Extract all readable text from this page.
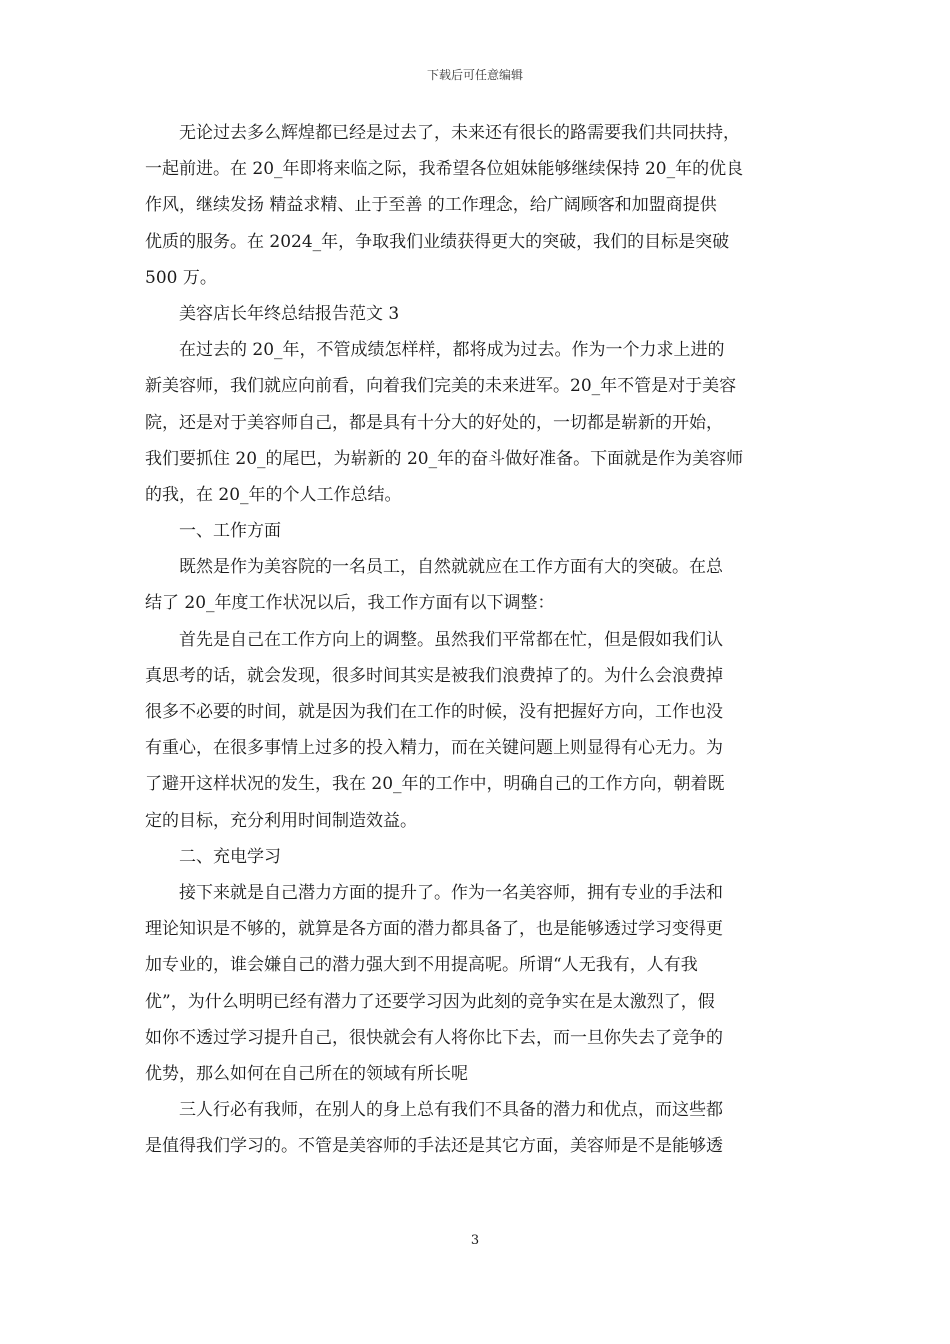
下载后可任意编辑
无论过去多么辉煌都已经是过去了，未来还有很长的路需要我们共同扶持，
一起前进。在 20_年即将来临之际，我希望各位姐妹能够继续保持 20_年的优良
作风，继续发扬 精益求精、止于至善 的工作理念，给广阔顾客和加盟商提供
优质的服务。在 2024_年，争取我们业绩获得更大的突破，我们的目标是突破
500 万。
美容店长年终总结报告范文 3
在过去的 20_年，不管成绩怎样样，都将成为过去。作为一个力求上进的
新美容师，我们就应向前看，向着我们完美的未来进军。20_年不管是对于美容
院，还是对于美容师自己，都是具有十分大的好处的，一切都是崭新的开始，
我们要抓住 20_的尾巴，为崭新的 20_年的奋斗做好准备。下面就是作为美容师
的我，在 20_年的个人工作总结。
一、工作方面
既然是作为美容院的一名员工，自然就就应在工作方面有大的突破。在总
结了 20_年度工作状况以后，我工作方面有以下调整：
首先是自己在工作方向上的调整。虽然我们平常都在忙，但是假如我们认
真思考的话，就会发现，很多时间其实是被我们浪费掉了的。为什么会浪费掉
很多不必要的时间，就是因为我们在工作的时候，没有把握好方向，工作也没
有重心，在很多事情上过多的投入精力，而在关键问题上则显得有心无力。为
了避开这样状况的发生，我在 20_年的工作中，明确自己的工作方向，朝着既
定的目标，充分利用时间制造效益。
二、充电学习
接下来就是自己潜力方面的提升了。作为一名美容师，拥有专业的手法和
理论知识是不够的，就算是各方面的潜力都具备了，也是能够透过学习变得更
加专业的，谁会嫌自己的潜力强大到不用提高呢。所谓“人无我有，人有我
优”，为什么明明已经有潜力了还要学习因为此刻的竞争实在是太激烈了，假
如你不透过学习提升自己，很快就会有人将你比下去，而一旦你失去了竞争的
优势，那么如何在自己所在的领域有所长呢
三人行必有我师，在别人的身上总有我们不具备的潜力和优点，而这些都
是值得我们学习的。不管是美容师的手法还是其它方面，美容师是不是能够透
3
